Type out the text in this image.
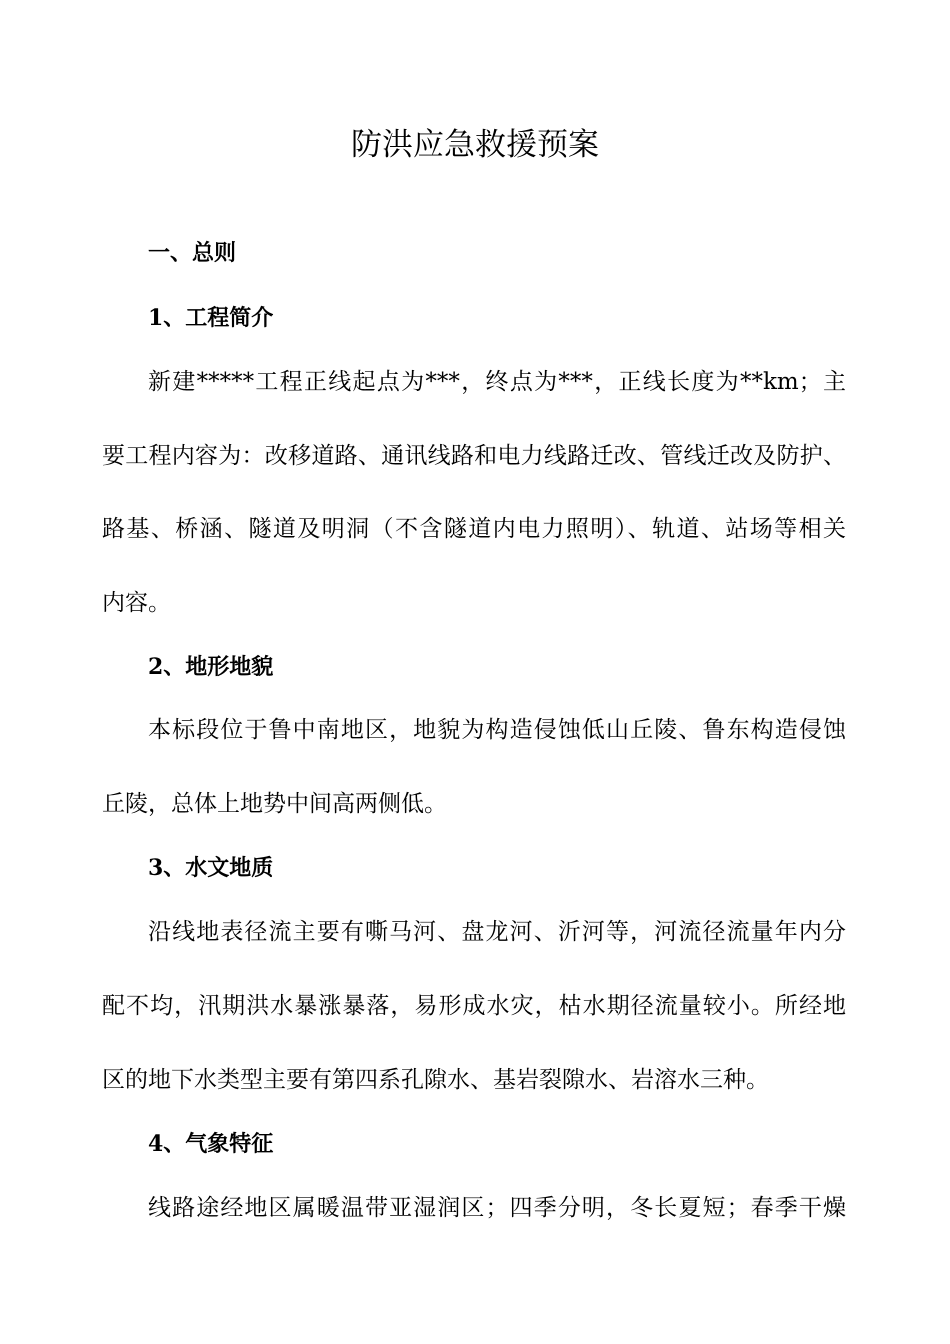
防洪应急救援预案
一、总则
1、工程简介
新建*****工程正线起点为***，终点为***，正线长度为**km；主
要工程内容为：改移道路、通讯线路和电力线路迁改、管线迁改及防护、
路基、桥涵、隧道及明洞（不含隧道内电力照明）、轨道、站场等相关
内容。
2、地形地貌
本标段位于鲁中南地区，地貌为构造侵蚀低山丘陵、鲁东构造侵蚀
丘陵，总体上地势中间高两侧低。
3、水文地质
沿线地表径流主要有嘶马河、盘龙河、沂河等，河流径流量年内分
配不均，汛期洪水暴涨暴落，易形成水灾，枯水期径流量较小。所经地
区的地下水类型主要有第四系孔隙水、基岩裂隙水、岩溶水三种。
4、气象特征
线路途经地区属暖温带亚湿润区；四季分明，冬长夏短；春季干燥
